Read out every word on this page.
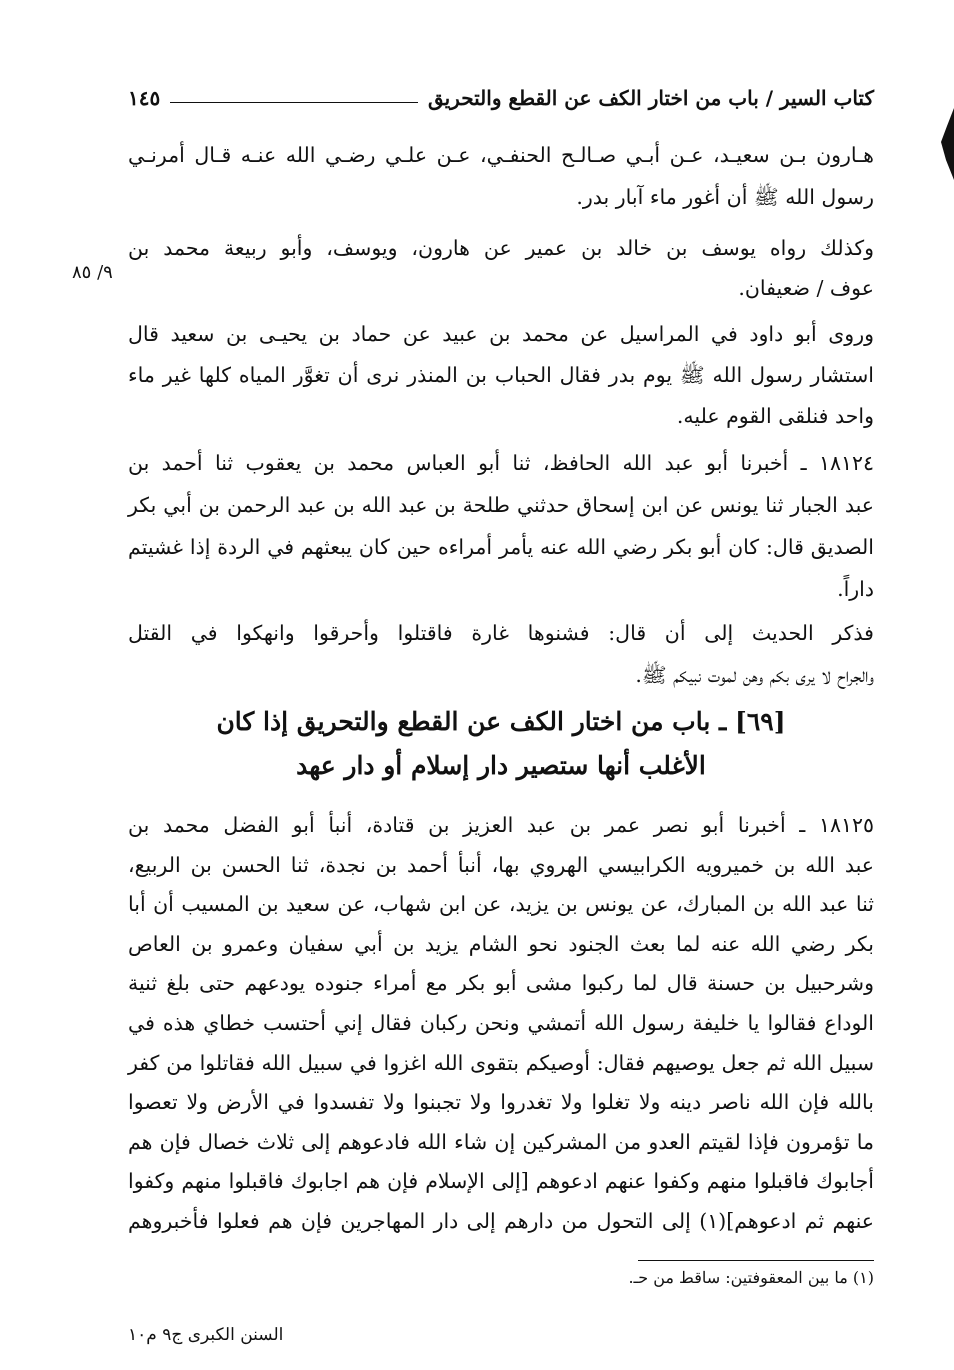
كتاب السير / باب من اختار الكف عن القطع والتحريق
١٤٥
٩/ ٨٥
هـارون بـن سعيـد، عـن أبـي صـالـح الحنفـي، عـن علـي رضـي الله عنـه قـال أمرنـي
رسول الله ﷺ أن أغور ماء آبار بدر.
وكذلك رواه يوسف بن خالد بن عمير عن هارون، ويوسف، وأبو ربيعة محمد بن
عوف / ضعيفان.
وروى أبو داود في المراسيل عن محمد بن عبيد عن حماد بن يحيـى بن سعيد قال
استشار رسول الله ﷺ يوم بدر فقال الحباب بن المنذر نرى أن تغوَّر المياه كلها غير ماء
واحد فنلقى القوم عليه.
١٨١٢٤ ـ أخبرنا أبو عبد الله الحافظ، ثنا أبو العباس محمد بن يعقوب ثنا أحمد بن
عبد الجبار ثنا يونس عن ابن إسحاق حدثني طلحة بن عبد الله بن عبد الرحمن بن أبي بكر
الصديق قال: كان أبو بكر رضي الله عنه يأمر أمراءه حين كان يبعثهم في الردة إذا غشيتم
داراً.
فذكر الحديث إلى أن قال: فشنوها غارة فاقتلوا وأحرقوا وانهكوا في القتل
والجراح لا يرى بكم وهن لموت نبيكم ﷺ.
[٦٩] ـ باب من اختار الكف عن القطع والتحريق إذا كان
الأغلب أنها ستصير دار إسلام أو دار عهد
١٨١٢٥ ـ أخبرنا أبو نصر عمر بن عبد العزيز بن قتادة، أنبأ أبو الفضل محمد بن
عبد الله بن خميرويه الكرابيسي الهروي بها، أنبأ أحمد بن نجدة، ثنا الحسن بن الربيع،
ثنا عبد الله بن المبارك، عن يونس بن يزيد، عن ابن شهاب، عن سعيد بن المسيب أن أبا
بكر رضي الله عنه لما بعث الجنود نحو الشام يزيد بن أبي سفيان وعمرو بن العاص
وشرحبيل بن حسنة قال لما ركبوا مشى أبو بكر مع أمراء جنوده يودعهم حتى بلغ ثنية
الوداع فقالوا يا خليفة رسول الله أتمشي ونحن ركبان فقال إني أحتسب خطاي هذه في
سبيل الله ثم جعل يوصيهم فقال: أوصيكم بتقوى الله اغزوا في سبيل الله فقاتلوا من كفر
بالله فإن الله ناصر دينه ولا تغلوا ولا تغدروا ولا تجبنوا ولا تفسدوا في الأرض ولا تعصوا
ما تؤمرون فإذا لقيتم العدو من المشركين إن شاء الله فادعوهم إلى ثلاث خصال فإن هم
أجابوك فاقبلوا منهم وكفوا عنهم ادعوهم [إلى الإسلام فإن هم اجابوك فاقبلوا منهم وكفوا
عنهم ثم ادعوهم](١) إلى التحول من دارهم إلى دار المهاجرين فإن هم فعلوا فأخبروهم
(١) ما بين المعقوفتين: ساقط من حـ.
السنن الكبرى ج٩ م١٠
